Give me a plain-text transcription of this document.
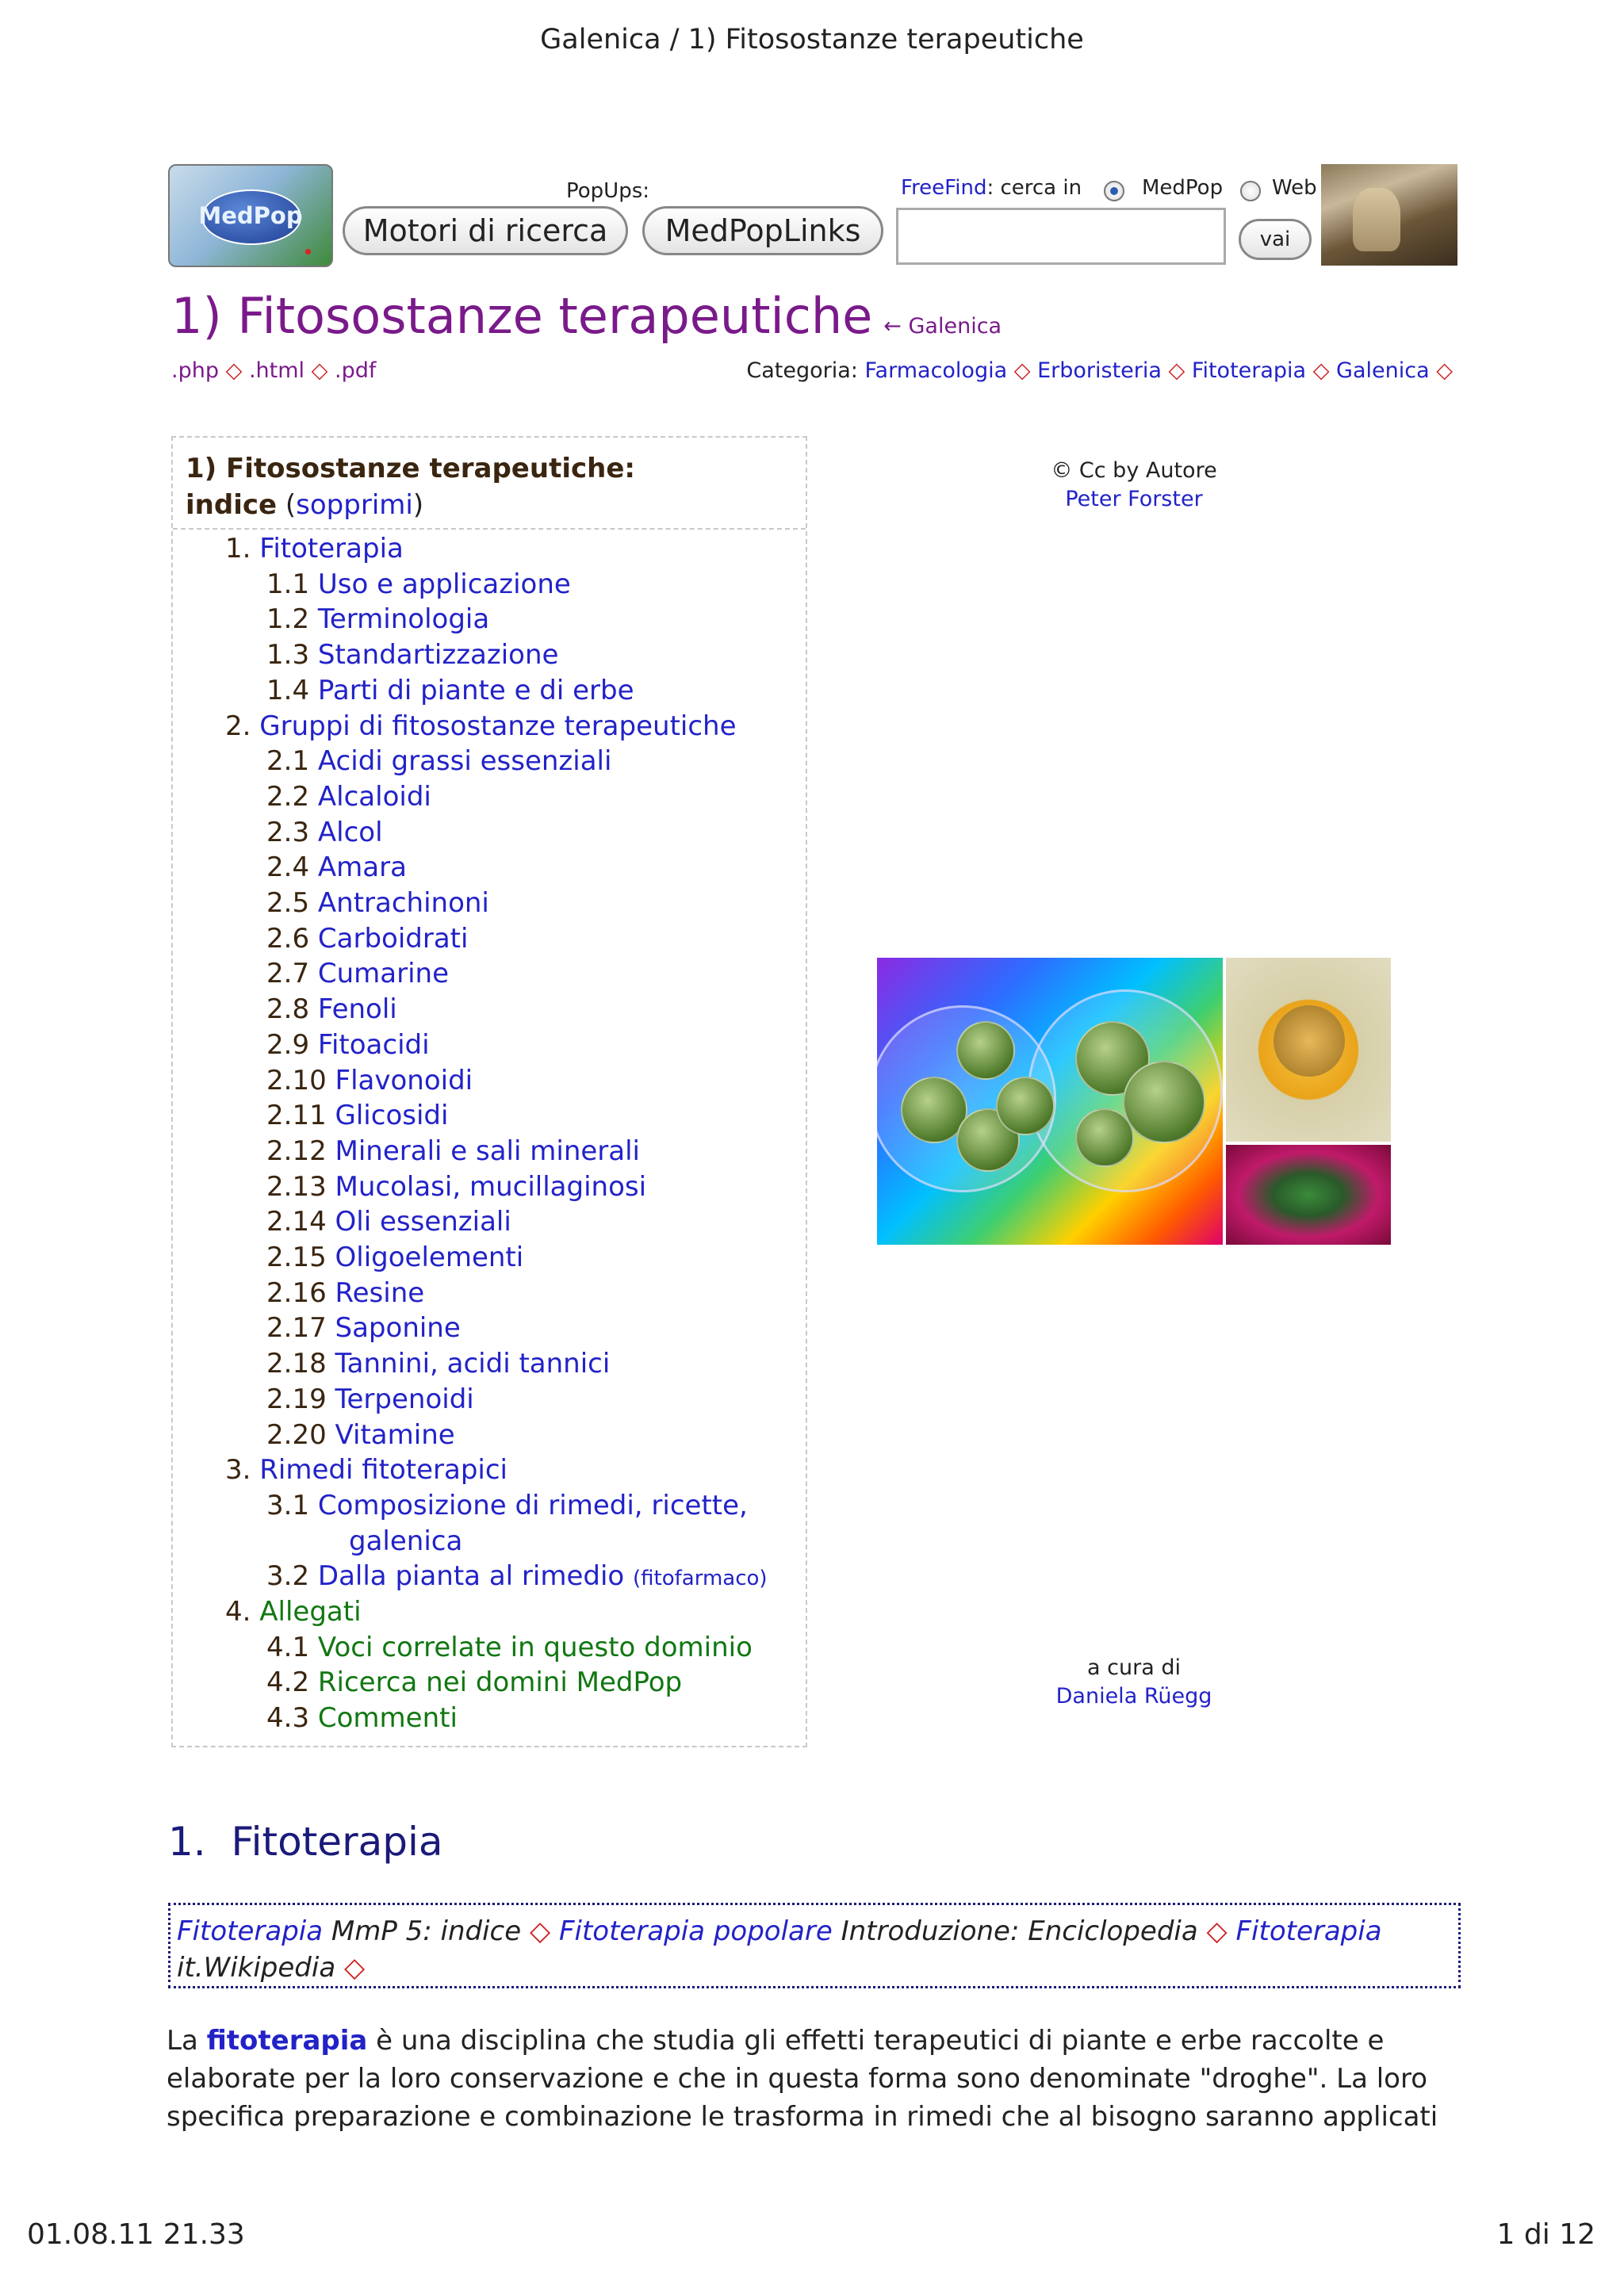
Galenica / 1) Fitosostanze terapeutiche
MedPop
PopUps:
Motori di ricerca	MedPopLinks
FreeFind: cerca in	MedPop Web
vai
1) Fitosostanze terapeutiche ← Galenica
.php ◇ .html ◇ .pdf	Categoria: Farmacologia ◇ Erboristeria ◇ Fitoterapia ◇ Galenica ◇
1) Fitosostanze terapeutiche:
indice (sopprimi)
1. Fitoterapia
1.1 Uso e applicazione
1.2 Terminologia
1.3 Standartizzazione
1.4 Parti di piante e di erbe
2. Gruppi di fitosostanze terapeutiche
2.1 Acidi grassi essenziali
2.2 Alcaloidi
2.3 Alcol
2.4 Amara
2.5 Antrachinoni
2.6 Carboidrati
2.7 Cumarine
2.8 Fenoli
2.9 Fitoacidi
2.10 Flavonoidi
2.11 Glicosidi
2.12 Minerali e sali minerali
2.13 Mucolasi, mucillaginosi
2.14 Oli essenziali
2.15 Oligoelementi
2.16 Resine
2.17 Saponine
2.18 Tannini, acidi tannici
2.19 Terpenoidi
2.20 Vitamine
3. Rimedi fitoterapici
3.1 Composizione di rimedi, ricette,
galenica
3.2 Dalla pianta al rimedio (fitofarmaco)
4. Allegati
4.1 Voci correlate in questo dominio
4.2 Ricerca nei domini MedPop
4.3 Commenti
© Cc by Autore
Peter Forster
a cura di
Daniela Rüegg
1.  Fitoterapia
Fitoterapia MmP 5: indice ◇ Fitoterapia popolare Introduzione: Enciclopedia ◇ Fitoterapia
it.Wikipedia ◇
La fitoterapia è una disciplina che studia gli effetti terapeutici di piante e erbe raccolte e elaborate per la loro conservazione e che in questa forma sono denominate "droghe". La loro specifica preparazione e combinazione le trasforma in rimedi che al bisogno saranno applicati
01.08.11 21.33	1 di 12
